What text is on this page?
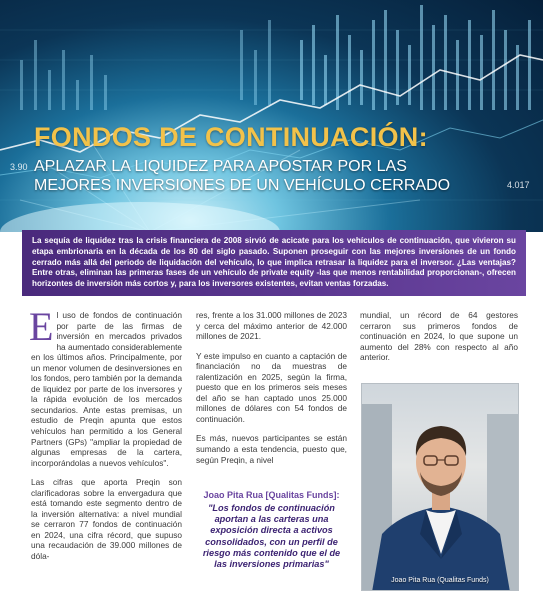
3.90
4.017
FONDOS DE CONTINUACIÓN:
APLAZAR LA LIQUIDEZ PARA APOSTAR POR LAS MEJORES INVERSIONES DE UN VEHÍCULO CERRADO
La sequía de liquidez tras la crisis financiera de 2008 sirvió de acicate para los vehículos de continuación, que vivieron su etapa embrionaria en la década de los 80 del siglo pasado. Suponen proseguir con las mejores inversiones de un fondo cerrado más allá del periodo de liquidación del vehículo, lo que implica retrasar la liquidez para el inversor. ¿Las ventajas? Entre otras, eliminan las primeras fases de un vehículo de private equity -las que menos rentabilidad proporcionan-, ofrecen horizontes de inversión más cortos y, para los inversores existentes, evitan ventas forzadas.

El uso de fondos de continuación por parte de las firmas de inversión en mercados privados ha aumentado considerablemente en los últimos años. Principalmente, por un menor volumen de desinversiones en los fondos, pero también por la demanda de liquidez por parte de los inversores y la rápida evolución de los mercados secundarios. Ante estas premisas, un estudio de Preqin apunta que estos vehículos han permitido a los General Partners (GPs) "ampliar la propiedad de algunas empresas de la cartera, incorporándolas a nuevos vehículos".

Las cifras que aporta Preqin son clarificadoras sobre la envergadura que está tomando este segmento dentro de la inversión alternativa: a nivel mundial se cerraron 77 fondos de continuación en 2024, una cifra récord, que supuso una recaudación de 39.000 millones de dóla-

res, frente a los 31.000 millones de 2023 y cerca del máximo anterior de 42.000 millones de 2021.

Y este impulso en cuanto a captación de financiación no da muestras de ralentización en 2025, según la firma, puesto que en los primeros seis meses del año se han captado unos 25.000 millones de dólares con 54 fondos de continuación.

Es más, nuevos participantes se están sumando a esta tendencia, puesto que, según Preqin, a nivel

Joao Pita Rua [Qualitas Funds]:
"Los fondos de continuación aportan a las carteras una exposición directa a activos consolidados, con un perfil de riesgo más contenido que el de las inversiones primarias"

mundial, un récord de 64 gestores cerraron sus primeros fondos de continuación en 2024, lo que supone un aumento del 28% con respecto al año anterior.

Joao Pita Rua (Qualitas Funds)
